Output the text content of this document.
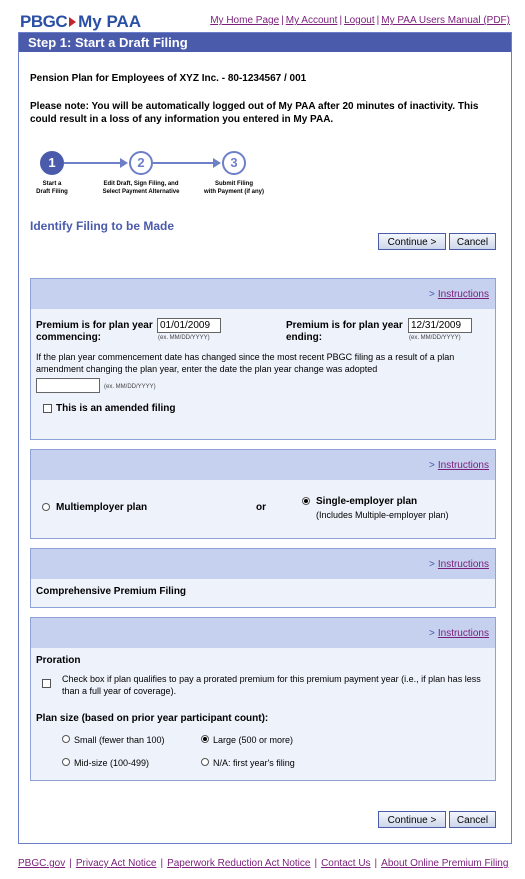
PBGC My PAA	My Home Page | My Account | Logout | My PAA Users Manual (PDF)
Step 1: Start a Draft Filing
Pension Plan for Employees of XYZ Inc. - 80-1234567 / 001
Please note: You will be automatically logged out of My PAA after 20 minutes of inactivity. This could result in a loss of any information you entered in My PAA.
1	2	3
Start a
Draft Filing
Edit Draft, Sign Filing, and
Select Payment Alternative
Submit Filing
with Payment (if any)
Identify Filing to be Made
Continue >	Cancel
> Instructions
Premium is for plan year
commencing:
01/01/2009	(ex. MM/DD/YYYY)
Premium is for plan year
ending:
12/31/2009	(ex. MM/DD/YYYY)
If the plan year commencement date has changed since the most recent PBGC filing as a result of a plan amendment changing the plan year, enter the date the plan year change was adopted
(ex. MM/DD/YYYY)
This is an amended filing
> Instructions
Multiemployer plan	or
Single-employer plan
(Includes Multiple-employer plan)
> Instructions
Comprehensive Premium Filing
> Instructions
Proration
Check box if plan qualifies to pay a prorated premium for this premium payment year (i.e., if plan has less than a full year of coverage).
Plan size (based on prior year participant count):
Small (fewer than 100)	Large (500 or more)
Mid-size (100-499)	N/A: first year's filing
Continue >	Cancel
PBGC.gov | Privacy Act Notice | Paperwork Reduction Act Notice | Contact Us | About Online Premium Filing
